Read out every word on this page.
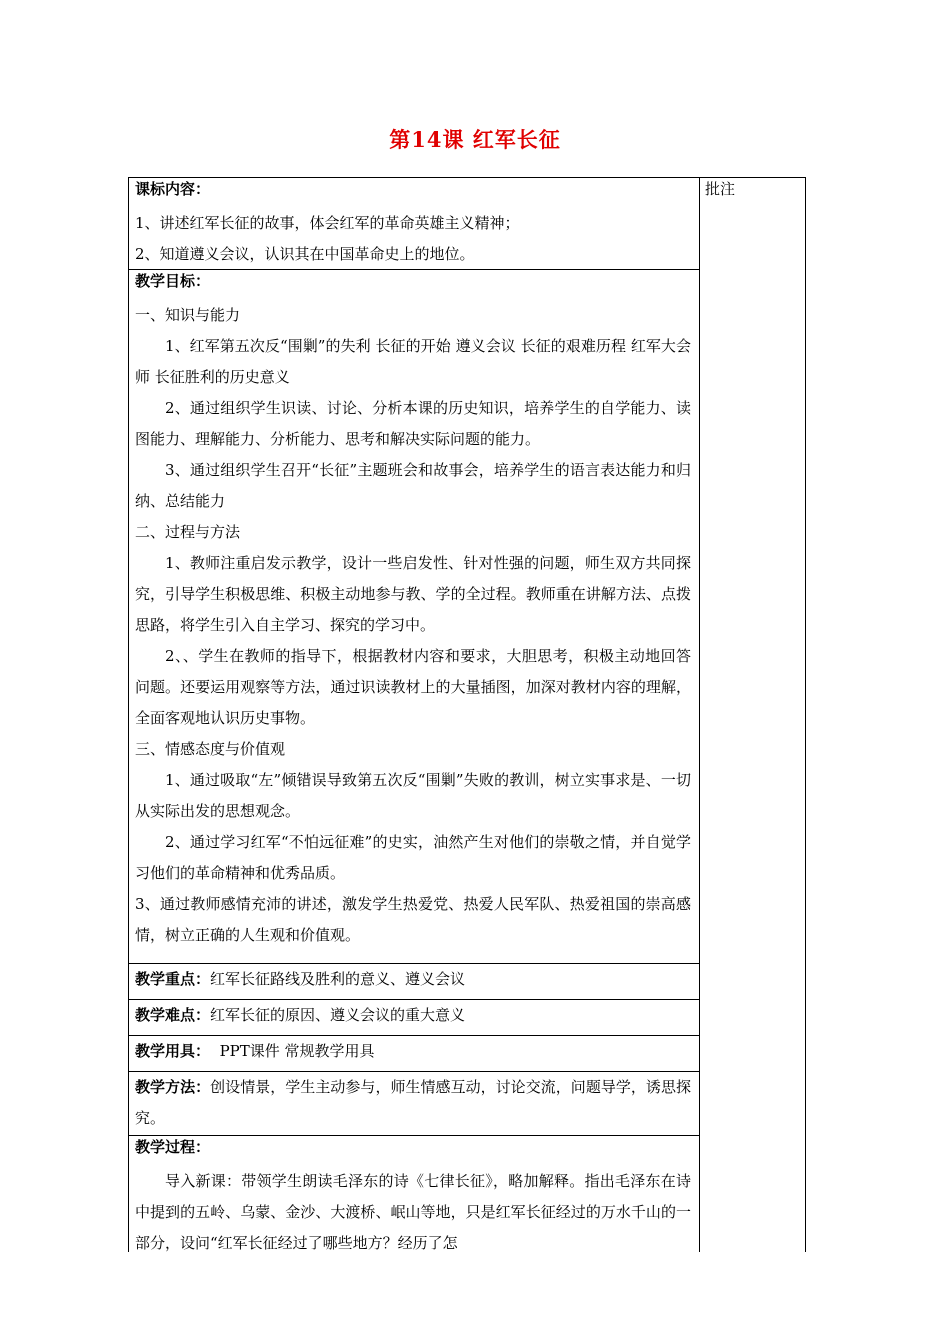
第14课 红军长征
批注
课标内容：
1、讲述红军长征的故事，体会红军的革命英雄主义精神；
2、知道遵义会议，认识其在中国革命史上的地位。
教学目标：
一、知识与能力
1、红军第五次反“围剿”的失利 长征的开始 遵义会议 长征的艰难历程 红军大会师 长征胜利的历史意义
2、通过组织学生识读、讨论、分析本课的历史知识，培养学生的自学能力、读图能力、理解能力、分析能力、思考和解决实际问题的能力。
3、通过组织学生召开“长征”主题班会和故事会，培养学生的语言表达能力和归纳、总结能力
二、过程与方法
1、教师注重启发示教学，设计一些启发性、针对性强的问题，师生双方共同探究，引导学生积极思维、积极主动地参与教、学的全过程。教师重在讲解方法、点拨思路，将学生引入自主学习、探究的学习中。
2、、学生在教师的指导下，根据教材内容和要求，大胆思考，积极主动地回答问题。还要运用观察等方法，通过识读教材上的大量插图，加深对教材内容的理解，全面客观地认识历史事物。
三、情感态度与价值观
1、通过吸取“左”倾错误导致第五次反“围剿”失败的教训，树立实事求是、一切从实际出发的思想观念。
2、通过学习红军“不怕远征难”的史实，油然产生对他们的崇敬之情，并自觉学习他们的革命精神和优秀品质。
3、通过教师感情充沛的讲述，激发学生热爱党、热爱人民军队、热爱祖国的崇高感情，树立正确的人生观和价值观。
教学重点：红军长征路线及胜利的意义、遵义会议
教学难点：红军长征的原因、遵义会议的重大意义
教学用具： PPT课件 常规教学用具
教学方法：创设情景，学生主动参与，师生情感互动，讨论交流，问题导学，诱思探究。
教学过程：
导入新课：带领学生朗读毛泽东的诗《七律长征》，略加解释。指出毛泽东在诗中提到的五岭、乌蒙、金沙、大渡桥、岷山等地，只是红军长征经过的万水千山的一部分，设问“红军长征经过了哪些地方？经历了怎
